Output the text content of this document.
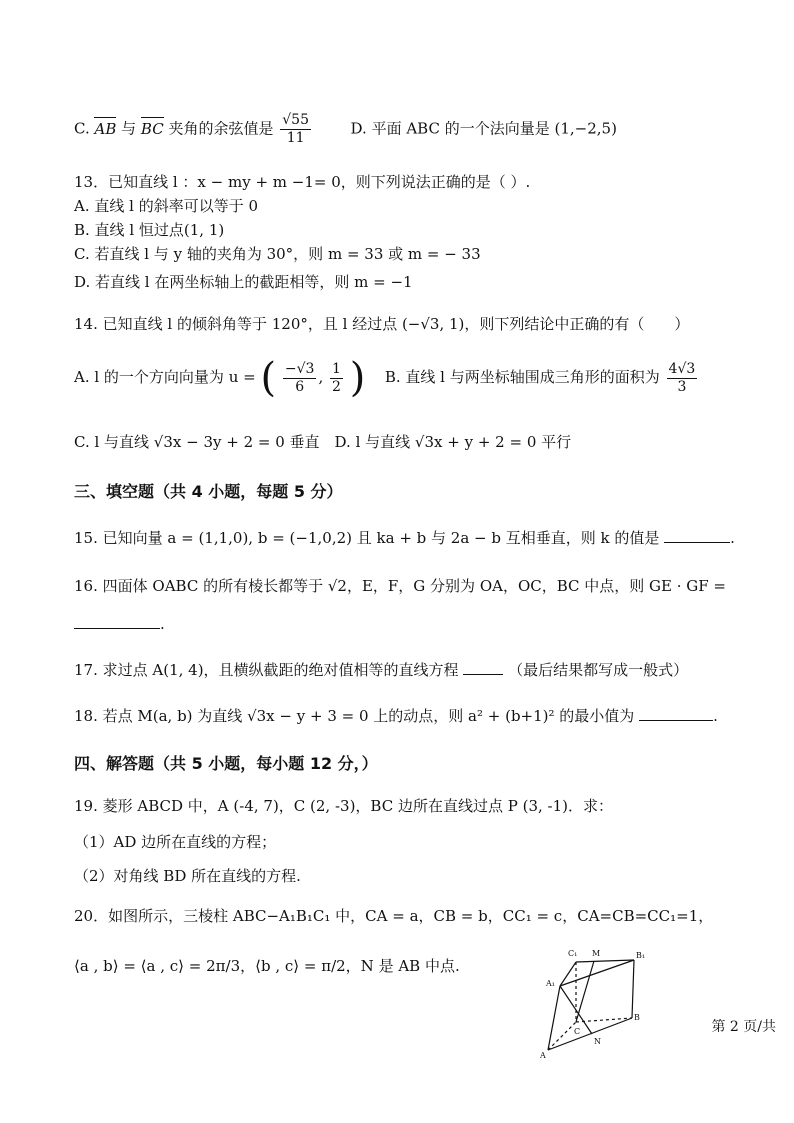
C. AB 与 BC 夹角的余弦值是 $\frac{√55}{11}$	D. 平面 ABC 的一个法向量是 (1,−2,5)
13．已知直线 l ：x − my + m −1= 0，则下列说法正确的是（ ）.
A. 直线 l 的斜率可以等于 0
B. 直线 l 恒过点(1, 1)
C. 若直线 l 与 y 轴的夹角为 30°，则 m = 33 或 m = − 33
D. 若直线 l 在两坐标轴上的截距相等，则 m = −1
14. 已知直线 l 的倾斜角等于 120°，且 l 经过点 (−√3, 1)，则下列结论中正确的有（　　）
A. l 的一个方向向量为 u = ( $\frac{-√3}{6}$ , $\frac{1}{2}$ ) B. 直线 l 与两坐标轴围成三角形的面积为 $\frac{4√3}{3}$
C. l 与直线 √3x − 3y + 2 = 0 垂直　D. l 与直线 √3x + y + 2 = 0 平行
三、填空题（共 4 小题，每题 5 分）
15. 已知向量 a = (1,1,0), b = (−1,0,2) 且 ka + b 与 2a − b 互相垂直，则 k 的值是	.
16. 四面体 OABC 的所有棱长都等于 √2，E，F，G 分别为 OA，OC，BC 中点，则 GE · GF =
.
17. 求过点 A(1, 4)，且横纵截距的绝对值相等的直线方程	（最后结果都写成一般式）
18. 若点 M(a, b) 为直线 √3x − y + 3 = 0 上的动点，则 a² + (b+1)² 的最小值为	.
四、解答题（共 5 小题，每小题 12 分，）
19. 菱形 ABCD 中，A (-4, 7)，C (2, -3)，BC 边所在直线过点 P (3, -1)．求：
（1）AD 边所在直线的方程；
（2）对角线 BD 所在直线的方程.
20．如图所示，三棱柱 ABC−A₁B₁C₁ 中，CA = a，CB = b，CC₁ = c，CA=CB=CC₁=1，
⟨a , b⟩ = ⟨a , c⟩ = 2π/3，⟨b , c⟩ = π/2，N 是 AB 中点.
C₁ M	B₁
A₁
C
B
N
A
第 2 页/共
